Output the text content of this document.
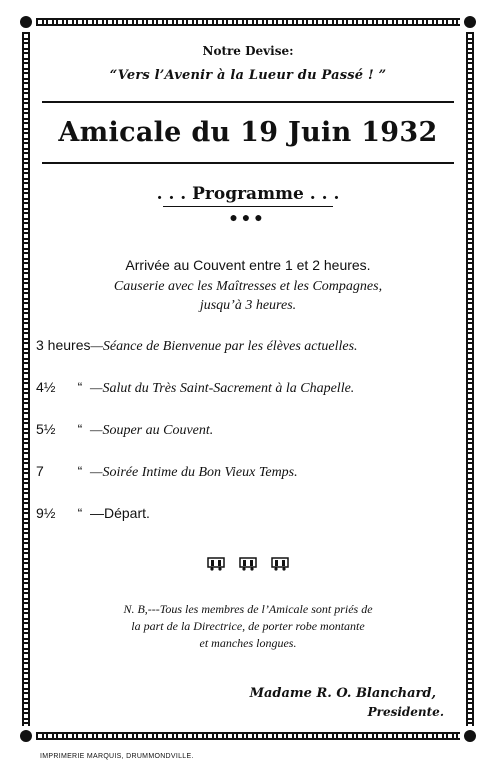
Notre Devise:
“Vers l’Avenir à la Lueur du Passé ! ”
Amicale du 19 Juin 1932
. . . Programme . . .
●●●
Arrivée au Couvent entre 1 et 2 heures.
Causerie avec les Maîtresses et les Compagnes,
jusqu’à 3 heures.
3 heures —Séance de Bienvenue par les élèves actuelles.
4½	“ —Salut du Très Saint-Sacrement à la Chapelle.
5½	“ —Souper au Couvent.
7	“ —Soirée Intime du Bon Vieux Temps.
9½	“ —Départ.
N. B,---Tous les membres de l’Amicale sont priés de
la part de la Directrice, de porter robe montante
et manches longues.
Madame R. O. Blanchard,
Presidente.
IMPRIMERIE MARQUIS, DRUMMONDVILLE.
